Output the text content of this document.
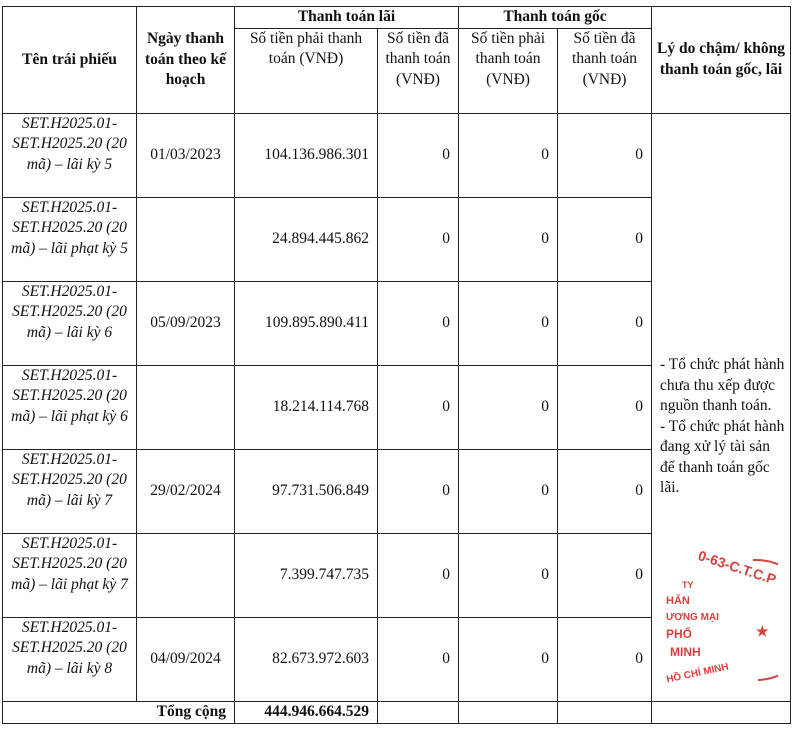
Tên trái phiếu	Ngày thanh toán theo kế hoạch	Thanh toán lãi		Thanh toán gốc		Lý do chậm/ không thanh toán gốc, lãi
		Số tiền phải thanh toán (VNĐ)	Số tiền đã thanh toán (VNĐ)	Số tiền phải thanh toán (VNĐ)	Số tiền đã thanh toán (VNĐ)	
SET.H2025.01-SET.H2025.20 (20 mã) – lãi kỳ 5	01/03/2023	104.136.986.301	0	0	0	- Tổ chức phát hành chưa thu xếp được nguồn thanh toán.
- Tổ chức phát hành đang xử lý tài sản để thanh toán gốc lãi.

SET.H2025.01-SET.H2025.20 (20 mã) – lãi phạt kỳ 5		24.894.445.862	0	0	0	
SET.H2025.01-SET.H2025.20 (20 mã) – lãi kỳ 6	05/09/2023	109.895.890.411	0	0	0	
SET.H2025.01-SET.H2025.20 (20 mã) – lãi phạt kỳ 6		18.214.114.768	0	0	0	
SET.H2025.01-SET.H2025.20 (20 mã) – lãi kỳ 7	29/02/2024	97.731.506.849	0	0	0	
SET.H2025.01-SET.H2025.20 (20 mã) – lãi phạt kỳ 7		7.399.747.735	0	0	0	
SET.H2025.01-SET.H2025.20 (20 mã) – lãi kỳ 8	04/09/2024	82.673.972.603	0	0	0	
Tổng cộng		444.946.664.529				
0-63-C.T.C.P
★
TY
HẤN
ƯƠNG MẠI
PHỐ
MINH
HỒ CHÍ MINH
